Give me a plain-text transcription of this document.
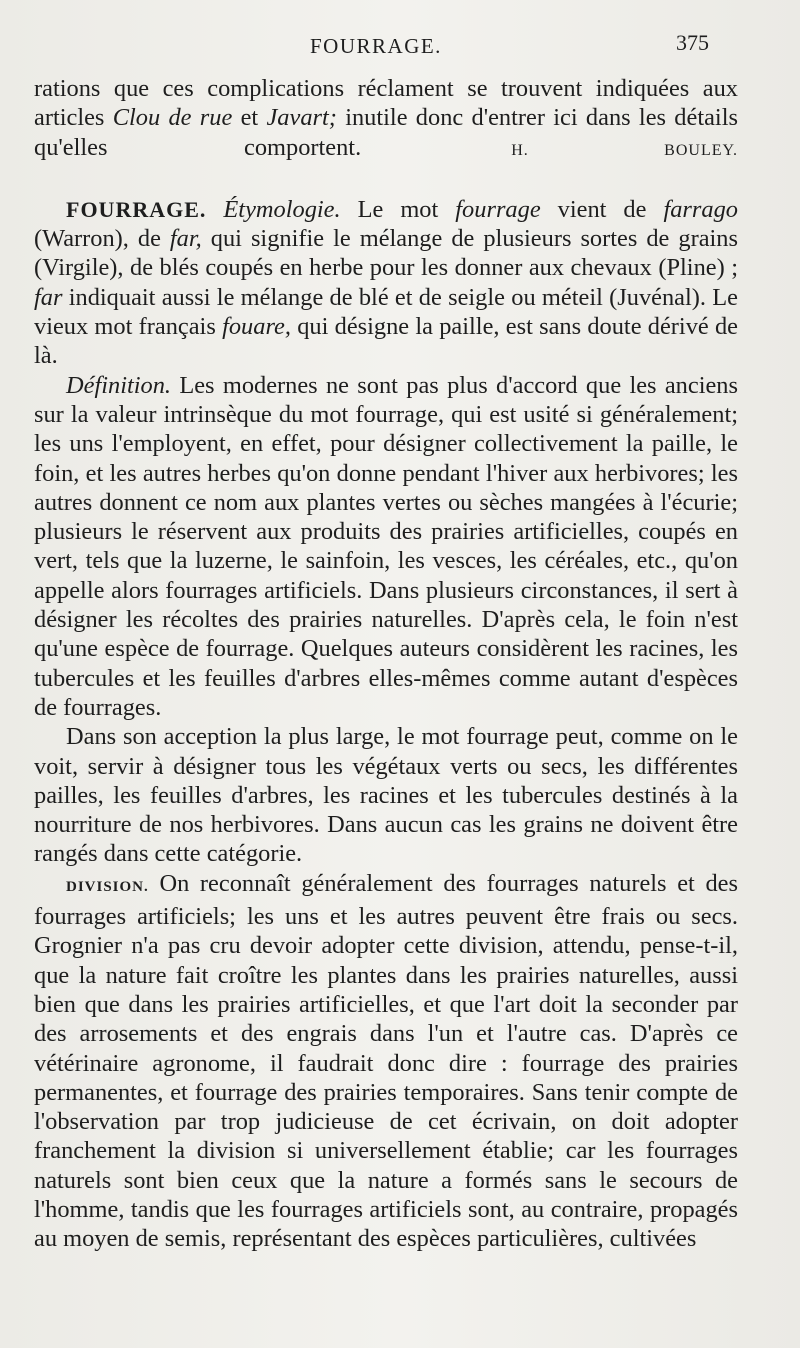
FOURRAGE.	375

rations que ces complications réclament se trouvent indiquées aux articles Clou de rue et Javart; inutile donc d'entrer ici dans les détails qu'elles comportent.	H. BOULEY.

FOURRAGE. Étymologie. Le mot fourrage vient de farrago (Warron), de far, qui signifie le mélange de plusieurs sortes de grains (Virgile), de blés coupés en herbe pour les donner aux chevaux (Pline) ; far indiquait aussi le mélange de blé et de seigle ou méteil (Juvénal). Le vieux mot français fouare, qui désigne la paille, est sans doute dérivé de là.

Définition. Les modernes ne sont pas plus d'accord que les anciens sur la valeur intrinsèque du mot fourrage, qui est usité si généralement; les uns l'employent, en effet, pour désigner collectivement la paille, le foin, et les autres herbes qu'on donne pendant l'hiver aux herbivores; les autres donnent ce nom aux plantes vertes ou sèches mangées à l'écurie; plusieurs le réservent aux produits des prairies artificielles, coupés en vert, tels que la luzerne, le sainfoin, les vesces, les céréales, etc., qu'on appelle alors fourrages artificiels. Dans plusieurs circonstances, il sert à désigner les récoltes des prairies naturelles. D'après cela, le foin n'est qu'une espèce de fourrage. Quelques auteurs considèrent les racines, les tubercules et les feuilles d'arbres elles-mêmes comme autant d'espèces de fourrages.

Dans son acception la plus large, le mot fourrage peut, comme on le voit, servir à désigner tous les végétaux verts ou secs, les différentes pailles, les feuilles d'arbres, les racines et les tubercules destinés à la nourriture de nos herbivores. Dans aucun cas les grains ne doivent être rangés dans cette catégorie.

DIVISION. On reconnaît généralement des fourrages naturels et des fourrages artificiels; les uns et les autres peuvent être frais ou secs. Grognier n'a pas cru devoir adopter cette division, attendu, pense-t-il, que la nature fait croître les plantes dans les prairies naturelles, aussi bien que dans les prairies artificielles, et que l'art doit la seconder par des arrosements et des engrais dans l'un et l'autre cas. D'après ce vétérinaire agronome, il faudrait donc dire : fourrage des prairies permanentes, et fourrage des prairies temporaires. Sans tenir compte de l'observation par trop judicieuse de cet écrivain, on doit adopter franchement la division si universellement établie; car les fourrages naturels sont bien ceux que la nature a formés sans le secours de l'homme, tandis que les fourrages artificiels sont, au contraire, propagés au moyen de semis, représentant des espèces particulières, cultivées
